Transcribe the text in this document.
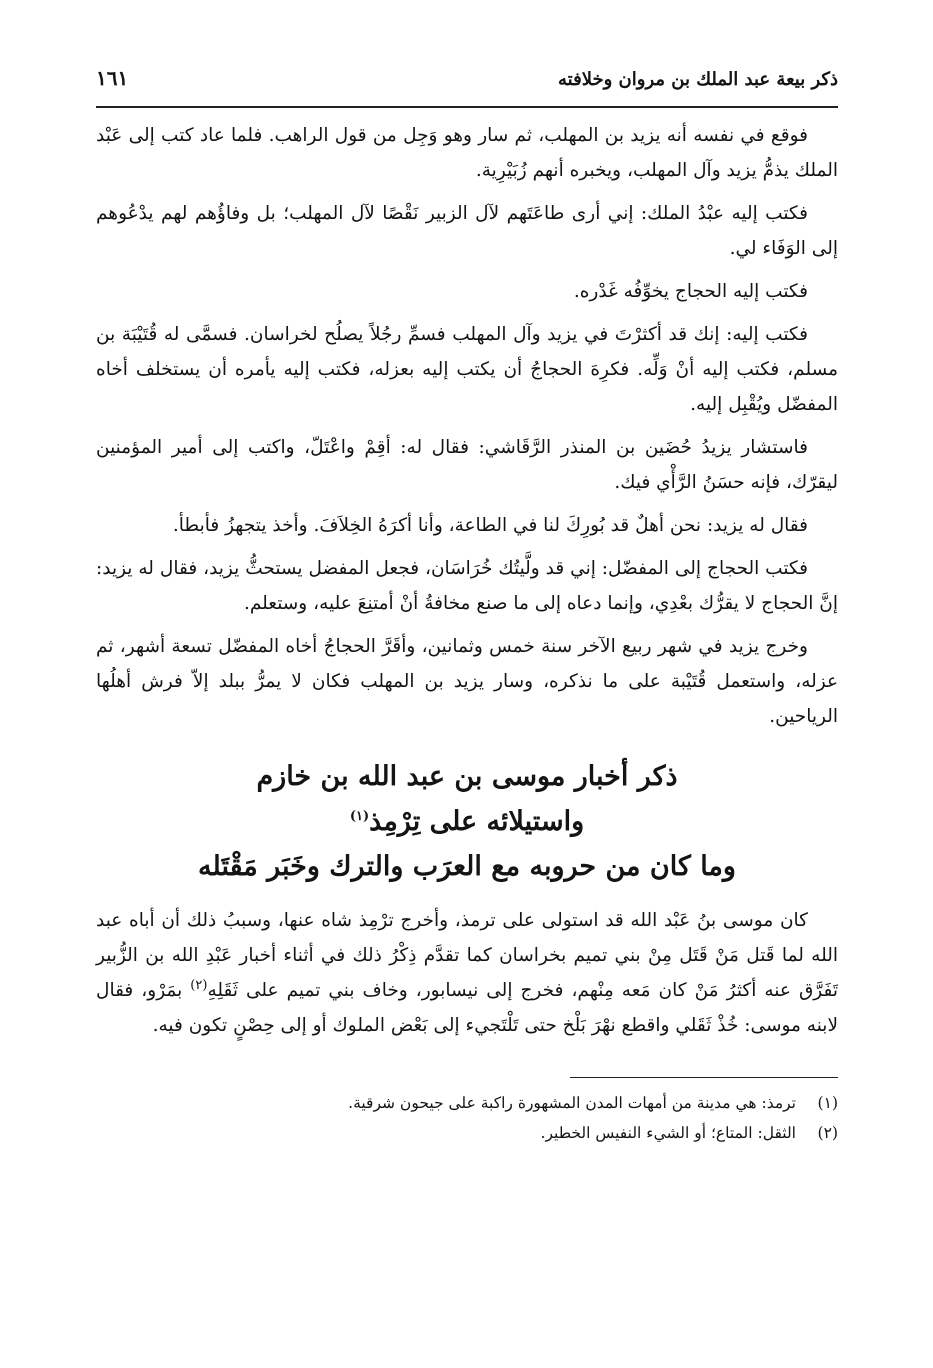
ذكر بيعة عبد الملك بن مروان وخلافته
١٦١

فوقع في نفسه أنه يزيد بن المهلب، ثم سار وهو وَجِل من قول الراهب. فلما عاد كتب إلى عَبْد الملك يذمُّ يزيد وآل المهلب، ويخبره أنهم زُبَيْرِية.

فكتب إليه عبْدُ الملك: إني أرى طاعَتَهم لآل الزبير نَقْصًا لآل المهلب؛ بل وفاؤُهم لهم يدْعُوهم إلى الوَفَاء لي.

فكتب إليه الحجاج يخوِّفُه غَدْره.

فكتب إليه: إنك قد أكثرْتَ في يزيد وآل المهلب فسمِّ رجُلاً يصلُح لخراسان. فسمَّى له قُتَيْبَة بن مسلم، فكتب إليه أنْ وَلِّه. فكرِهَ الحجاجُ أن يكتب إليه بعزله، فكتب إليه يأمره أن يستخلف أخاه المفضّل ويُقْبِل إليه.

فاستشار يزيدُ حُضَين بن المنذر الرَّقَاشي: فقال له: أقِمْ واعْتَلّ، واكتب إلى أمير المؤمنين ليقرّك، فإنه حسَنُ الرَّأْي فيك.

فقال له يزيد: نحن أهلٌ قد بُورِكَ لنا في الطاعة، وأنا أكرَهُ الخِلاَفَ. وأخذ يتجهزُ فأبطأ.

فكتب الحجاج إلى المفضّل: إني قد ولَّيتُك خُرَاسَان، فجعل المفضل يستحثُّ يزيد، فقال له يزيد: إنَّ الحجاج لا يقرُّك بعْدِي، وإنما دعاه إلى ما صنع مخافةُ أنْ أمتنِعَ عليه، وستعلم.

وخرج يزيد في شهر ربيع الآخر سنة خمس وثمانين، وأقَرَّ الحجاجُ أخاه المفضّل تسعة أشهر، ثم عزله، واستعمل قُتَيْبة على ما نذكره، وسار يزيد بن المهلب فكان لا يمرُّ ببلد إلاّ فرش أهلُها الرياحين.

ذكر أخبار موسى بن عبد الله بن خازم
واستيلائه على تِرْمِذ$^{(١)}$
وما كان من حروبه مع العرَب والترك وخَبَر مَقْتَله

كان موسى بنُ عَبْد الله قد استولى على ترمذ، وأخرج ترْمِذ شاه عنها، وسببُ ذلك أن أباه عبد الله لما قَتل مَنْ قَتَل مِنْ بني تميم بخراسان كما تقدَّم ذِكْرُ ذلك في أثناء أخبار عَبْدِ الله بن الزُّبير تَفَرَّق عنه أكثرُ مَنْ كان مَعه مِنْهم، فخرج إلى نيسابور، وخاف بني تميم على ثَقَلِهِ$^{(٢)}$ بمَرْو، فقال لابنه موسى: خُذْ ثَقَلي واقطع نهْرَ بَلْخ حتى تَلْتَجيء إلى بَعْض الملوك أو إلى حِصْنٍ تكون فيه.

(١)ترمذ: هي مدينة من أمهات المدن المشهورة راكبة على جيحون شرقية.

(٢)الثقل: المتاع؛ أو الشيء النفيس الخطير.
